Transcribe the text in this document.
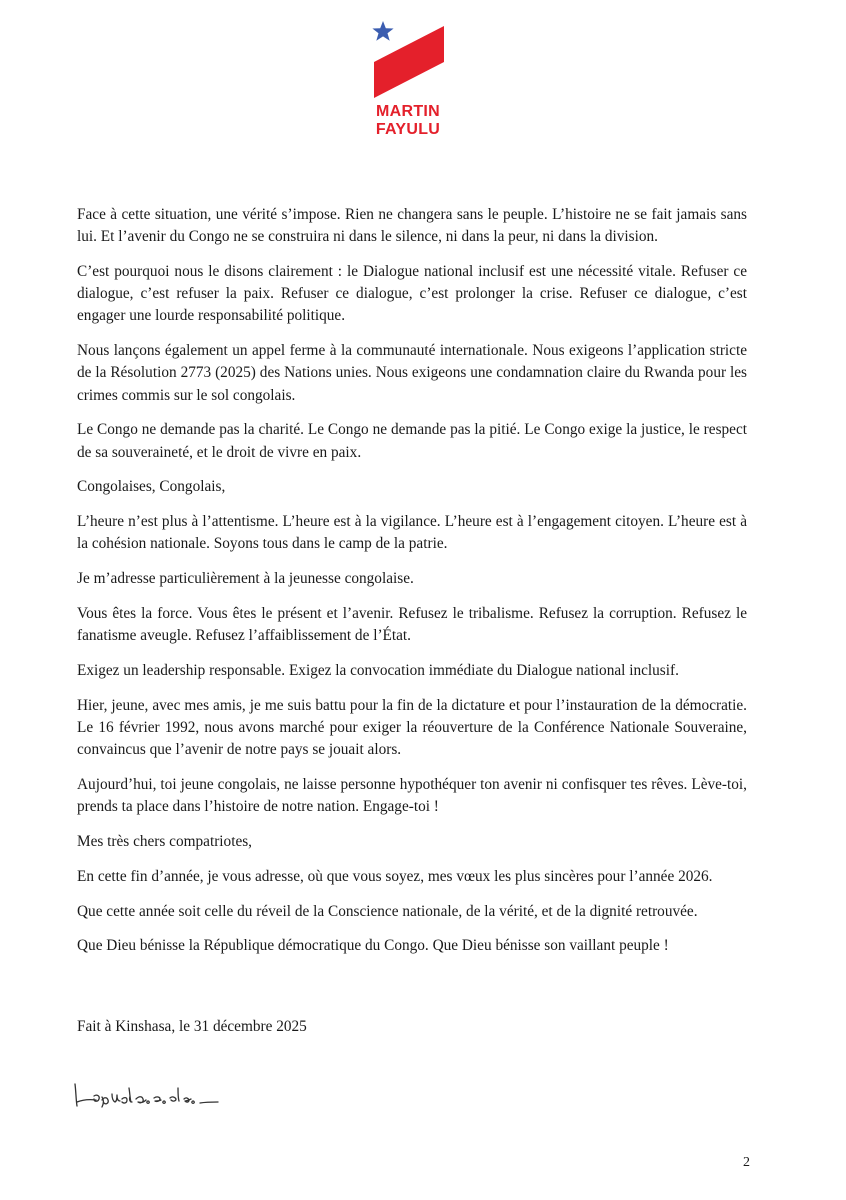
MARTIN
FAYULU

Face à cette situation, une vérité s’impose. Rien ne changera sans le peuple. L’histoire ne se fait jamais sans lui. Et l’avenir du Congo ne se construira ni dans le silence, ni dans la peur, ni dans la division.

C’est pourquoi nous le disons clairement : le Dialogue national inclusif est une nécessité vitale. Refuser ce dialogue, c’est refuser la paix. Refuser ce dialogue, c’est prolonger la crise. Refuser ce dialogue, c’est engager une lourde responsabilité politique.

Nous lançons également un appel ferme à la communauté internationale. Nous exigeons l’application stricte de la Résolution 2773 (2025) des Nations unies. Nous exigeons une condamnation claire du Rwanda pour les crimes commis sur le sol congolais.

Le Congo ne demande pas la charité. Le Congo ne demande pas la pitié. Le Congo exige la justice, le respect de sa souveraineté, et le droit de vivre en paix.

Congolaises, Congolais,

L’heure n’est plus à l’attentisme. L’heure est à la vigilance. L’heure est à l’engagement citoyen. L’heure est à la cohésion nationale. Soyons tous dans le camp de la patrie.

Je m’adresse particulièrement à la jeunesse congolaise.

Vous êtes la force. Vous êtes le présent et l’avenir. Refusez le tribalisme. Refusez la corruption. Refusez le fanatisme aveugle. Refusez l’affaiblissement de l’État.

Exigez un leadership responsable. Exigez la convocation immédiate du Dialogue national inclusif.

Hier, jeune, avec mes amis, je me suis battu pour la fin de la dictature et pour l’instauration de la démocratie. Le 16 février 1992, nous avons marché pour exiger la réouverture de la Conférence Nationale Souveraine, convaincus que l’avenir de notre pays se jouait alors.

Aujourd’hui, toi jeune congolais, ne laisse personne hypothéquer ton avenir ni confisquer tes rêves. Lève-toi, prends ta place dans l’histoire de notre nation. Engage-toi !

Mes très chers compatriotes,

En cette fin d’année, je vous adresse, où que vous soyez, mes vœux les plus sincères pour l’année 2026.

Que cette année soit celle du réveil de la Conscience nationale, de la vérité, et de la dignité retrouvée.

Que Dieu bénisse la République démocratique du Congo. Que Dieu bénisse son vaillant peuple !

Fait à Kinshasa, le 31 décembre 2025

2
